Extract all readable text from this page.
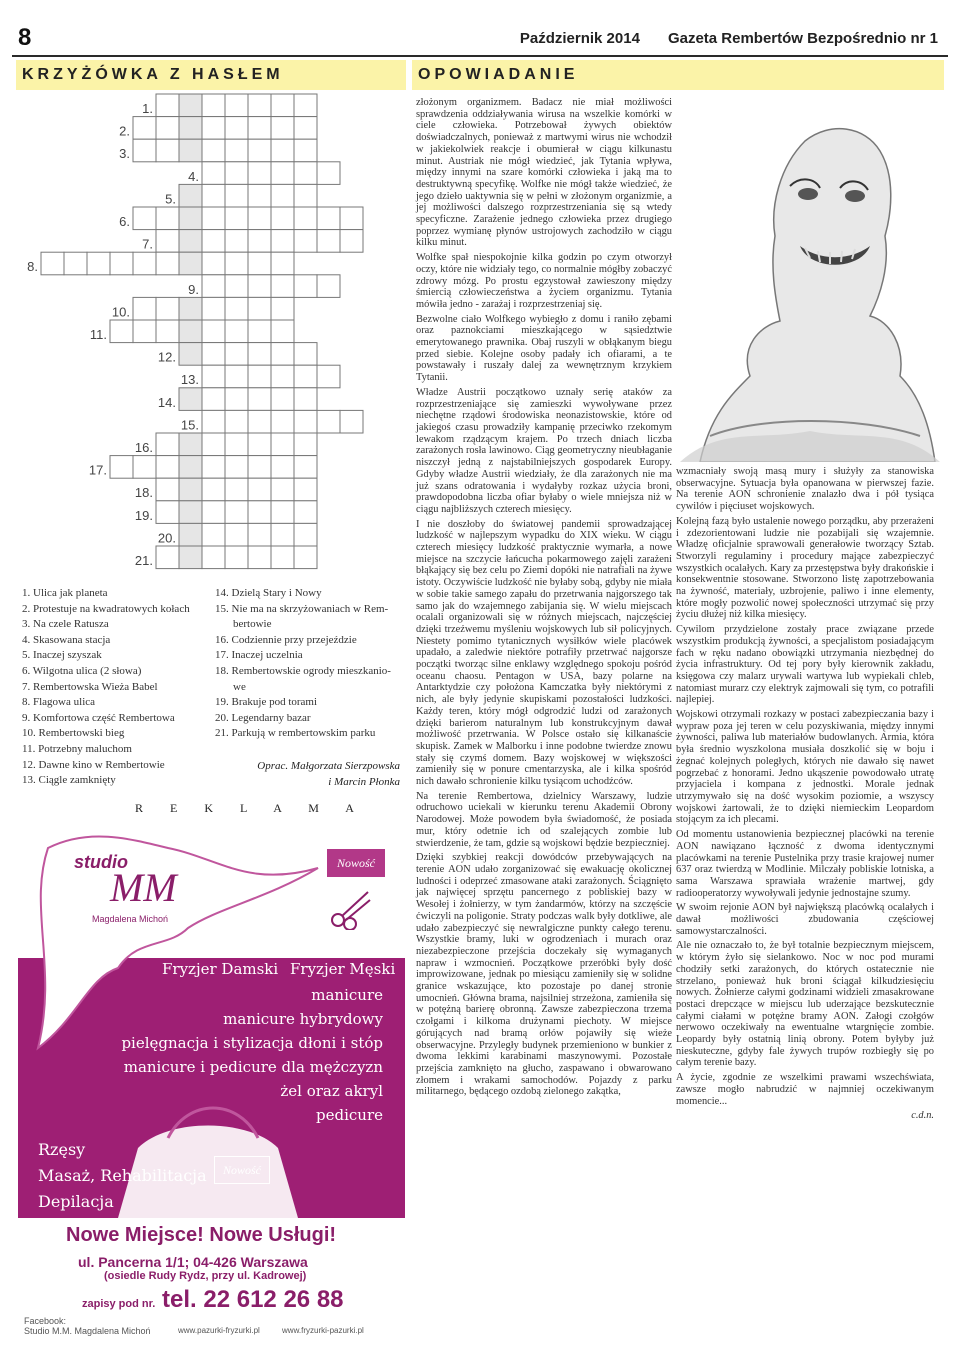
8	Październik 2014 Gazeta Rembertów Bezpośrednio nr 1
KRZYŻÓWKA Z HASŁEM	OPOWIADANIE
1.
2.
3.
4.
5.
6.
7.
8.
9.
10.
11.
12.
13.
14.
15.
16.
17.
18.
19.
20.
21.
1. Ulica jak planeta
2. Protestuje na kwadratowych kołach
3. Na czele Ratusza
4. Skasowana stacja
5. Inaczej szyszak
6. Wilgotna ulica (2 słowa)
7. Rembertowska Wieża Babel
8. Flagowa ulica
9. Komfortowa część Rembertowa
10. Rembertowski bieg
11. Potrzebny maluchom
12. Dawne kino w Rembertowie
13. Ciągle zamknięty
14. Dzielą Stary i Nowy
15. Nie ma na skrzyżowaniach w Rem-
bertowie
16. Codziennie przy przejeździe
17. Inaczej uczelnia
18. Rembertowskie ogrody mieszkanio-
we
19. Brakuje pod torami
20. Legendarny bazar
21. Parkują w rembertowskim parku
Oprac. Małgorzata Sierzpowska
i Marcin Płonka
R E K L A M A
studio
MM
Magdalena Michoń
Nowość
Fryzjer Damski Fryzjer Męski
manicure
manicure hybrydowy
pielęgnacja i stylizacja dłoni i stóp
manicure i pedicure dla mężczyzn
żel oraz akryl
pedicure
Rzęsy
Masaż, Rehabilitacja
Depilacja
Nowość
Nowe Miejsce! Nowe Usługi!
ul. Pancerna 1/1; 04-426 Warszawa
(osiedle Rudy Rydz, przy ul. Kadrowej)
zapisy pod nr. tel. 22 612 26 88
Facebook:
Studio M.M. Magdalena Michoń	www.pazurki-fryzurki.pl www.fryzurki-pazurki.pl

złożonym organizmem. Badacz nie miał możliwości sprawdzenia oddziaływania wirusa na wszelkie komórki w ciele człowieka. Potrzebował żywych obiektów doświadczalnych, ponieważ z martwymi wirus nie wchodził w jakiekolwiek reakcje i obumierał w ciągu kilkunastu minut. Austriak nie mógł wiedzieć, jak Tytania wpływa, między innymi na szare komórki człowieka i jaką ma to destruktywną specyfikę. Wolfke nie mógł także wiedzieć, że jego dzieło uaktywnia się w pełni w złożonym organizmie, a jej możliwości dalszego rozprzestrzeniania się są wtedy specyficzne. Zarażenie jednego człowieka przez drugiego poprzez wymianę płynów ustrojowych zachodziło w ciągu kilku minut.

Wolfke spał niespokojnie kilka godzin po czym otworzył oczy, które nie widziały tego, co normalnie mógłby zobaczyć zdrowy mózg. Po prostu egzystował zawieszony między śmiercią człowieczeństwa a życiem organizmu. Tytania mówiła jedno - zarażaj i rozprzestrzeniaj się.

Bezwolne ciało Wolfkego wybiegło z domu i raniło zębami oraz paznokciami mieszkającego w sąsiedztwie emerytowanego prawnika. Obaj ruszyli w obłąkanym biegu przed siebie. Kolejne osoby padały ich ofiarami, a te powstawały i ruszały dalej za wewnętrznym krzykiem Tytanii.

Władze Austrii początkowo uznały serię ataków za rozprzestrzeniające się zamieszki wywoływane przez niechętne rządowi środowiska neonazistowskie, które od jakiegoś czasu prowadziły kampanię przeciwko rzekomym lewakom rządzącym krajem. Po trzech dniach liczba zarażonych rosła lawinowo. Ciąg geometryczny nieubłaganie niszczył jedną z najstabilniejszych gospodarek Europy. Gdyby władze Austrii wiedziały, że dla zarażonych nie ma już szans odratowania i wydałyby rozkaz użycia broni, prawdopodobna liczba ofiar byłaby o wiele mniejsza niż w ciągu najbliższych czterech miesięcy.

I nie doszłoby do światowej pandemii sprowadzającej ludzkość w najlepszym wypadku do XIX wieku. W ciągu czterech miesięcy ludzkość praktycznie wymarła, a nowe miejsce na szczycie łańcucha pokarmowego zajęli zarażeni błąkający się bez celu po Ziemi dopóki nie natrafiali na żywe istoty. Oczywiście ludzkość nie byłaby sobą, gdyby nie miała w sobie takie samego zapału do przetrwania najgorszego tak samo jak do wzajemnego zabijania się. W wielu miejscach ocalali organizowali się w różnych miejscach, najczęściej dzięki trzeźwemu myśleniu wojskowych lub sił policyjnych. Niestety pomimo tytanicznych wysiłków wiele placówek upadało, a zaledwie niektóre potrafiły przetrwać najgorsze początki tworząc silne enklawy względnego spokoju pośród oceanu chaosu. Pentagon w USA, bazy polarne na Antarktydzie czy położona Kamczatka były niektórymi z nich, ale były jedynie skupiskami pozostałości ludzkości. Każdy teren, który mógł odgrodzić ludzi od zarażonych dzięki barierom naturalnym lub konstrukcyjnym dawał możliwość przetrwania. W Polsce ostało się kilkanaście skupisk. Zamek w Malborku i inne podobne twierdze znowu stały się czymś domem. Bazy wojskowej w większości zamieniły się w ponure cmentarzyska, ale i kilka spośród nich dawało schronienie kilku tysiącom uchodźców.

Na terenie Rembertowa, dzielnicy Warszawy, ludzie odruchowo uciekali w kierunku terenu Akademii Obrony Narodowej. Może powodem była świadomość, że posiada mur, który odetnie ich od szalejących zombie lub stwierdzenie, że tam, gdzie są wojskowi będzie bezpieczniej.

Dzięki szybkiej reakcji dowódców przebywających na terenie AON udało zorganizować się ewakuację okolicznej ludności i odeprzeć zmasowane ataki zarażonych. Ściągnięto jak najwięcej sprzętu pancernego z pobliskiej bazy w Wesołej i żołnierzy, w tym żandarmów, którzy na szczęście ćwiczyli na poligonie. Straty podczas walk były dotkliwe, ale udało zabezpieczyć się newralgiczne punkty całego terenu. Wszystkie bramy, luki w ogrodzeniach i murach oraz niezabezpieczone przejścia doczekały się wymaganych napraw i wzmocnień. Początkowe przeróbki były dość improwizowane, jednak po miesiącu zamieniły się w solidne granice wskazujące, kto pozostaje po danej stronie umocnień. Główna brama, najsilniej strzeżona, zamieniła się w potężną barierę obronną. Zawsze zabezpieczona trzema czołgami i kilkoma drużynami piechoty. W miejsce górujących nad bramą orłów pojawiły się wieże obserwacyjne. Przyległy budynek przemieniono w bunkier z dwoma lekkimi karabinami maszynowymi. Pozostałe przejścia zamknięto na głucho, zaspawano i obwarowano złomem i wrakami samochodów. Pojazdy z parku militarnego, będącego ozdobą zielonego zakątka,

wzmacniały swoją masą mury i służyły za stanowiska obserwacyjne. Sytuacja była opanowana w pierwszej fazie. Na terenie AON schronienie znalazło dwa i pół tysiąca cywilów i pięciuset wojskowych.

Kolejną fazą było ustalenie nowego porządku, aby przerażeni i zdezorientowani ludzie nie pozabijali się wzajemnie. Władzę oficjalnie sprawowali generałowie tworzący Sztab. Stworzyli regulaminy i procedury mające zabezpieczyć wszystkich ocalałych. Kary za przestępstwa były drakońskie i konsekwentnie stosowane. Stworzono listę zapotrzebowania na żywność, materiały, uzbrojenie, paliwo i inne elementy, które mogły pozwolić nowej społeczności utrzymać się przy życiu dłużej niż kilka miesięcy.

Cywilom przydzielone zostały prace związane przede wszystkim produkcją żywności, a specjalistom posiadającym fach w ręku nadano obowiązki utrzymania niezbędnej do życia infrastruktury. Od tej pory były kierownik zakładu, księgowa czy malarz urywali wartywa lub wypiekali chleb, natomiast murarz czy elektryk zajmowali się tym, co potrafili najlepiej.

Wojskowi otrzymali rozkazy w postaci zabezpieczania bazy i wypraw poza jej teren w celu pozyskiwania, między innymi żywności, paliwa lub materiałów budowlanych. Armia, która była średnio wyszkolona musiała doszkolić się w boju i żegnać kolejnych poległych, których nie dawało się nawet pogrzebać z honorami. Jedno ukąszenie powodowało utratę przyjaciela i kompana z jednostki. Morale jednak utrzymywało się na dość wysokim poziomie, a wszyscy wojskowi żartowali, że to dzięki niemieckim Leopardom stojącym za ich plecami.

Od momentu ustanowienia bezpiecznej placówki na terenie AON nawiązano łączność z dwoma identycznymi placówkami na terenie Pustelnika przy trasie krajowej numer 637 oraz twierdzą w Modlinie. Milczały pobliskie lotniska, a sama Warszawa sprawiała wrażenie martwej, gdy radiooperatorzy wywoływali jedynie jednostajne szumy.

W swoim rejonie AON był największą placówką ocalałych i dawał możliwości zbudowania częściowej samowystarczalności.

Ale nie oznaczało to, że był totalnie bezpiecznym miejscem, w którym żyło się sielankowo. Noc w noc pod murami chodziły setki zarażonych, do których ostatecznie nie strzelano, ponieważ huk broni ściągał kilkudziesięciu nowych. Żołnierze całymi godzinami widzieli zmasakrowane postaci drepczące w miejscu lub uderzające bezskutecznie całymi ciałami w potężne bramy AON. Załogi czołgów nerwowo oczekiwały na ewentualne wtargnięcie zombie. Leopardy były ostatnią linią obrony. Potem byłyby już nieskuteczne, gdyby fale żywych trupów rozbiegły się po całym terenie bazy.

A życie, zgodnie ze wszelkimi prawami wszechświata, zawsze mogło nabrudzić w najmniej oczekiwanym momencie...

c.d.n.
